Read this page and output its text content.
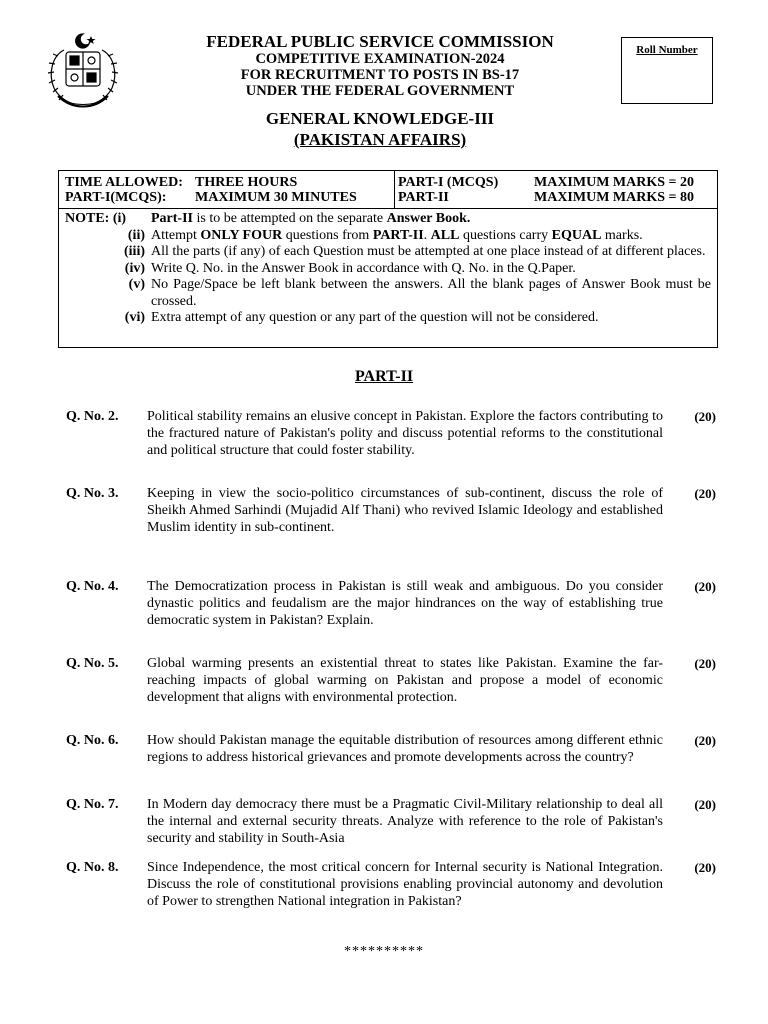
FEDERAL PUBLIC SERVICE COMMISSION
COMPETITIVE EXAMINATION-2024
FOR RECRUITMENT TO POSTS IN BS-17
UNDER THE FEDERAL GOVERNMENT
Roll Number
GENERAL KNOWLEDGE-III
(PAKISTAN AFFAIRS)
TIME ALLOWED: THREE HOURS
PART-I(MCQS): MAXIMUM 30 MINUTES
PART-I (MCQS)	MAXIMUM MARKS = 20
PART-II	MAXIMUM MARKS = 80
NOTE: (i)	Part-II is to be attempted on the separate Answer Book.
(ii) Attempt ONLY FOUR questions from PART-II. ALL questions carry EQUAL marks.
(iii) All the parts (if any) of each Question must be attempted at one place instead of at different places.
(iv) Write Q. No. in the Answer Book in accordance with Q. No. in the Q.Paper.
(v) No Page/Space be left blank between the answers. All the blank pages of Answer Book must be crossed.
(vi) Extra attempt of any question or any part of the question will not be considered.
PART-II
Q. No. 2. Political stability remains an elusive concept in Pakistan. Explore the factors contributing to the fractured nature of Pakistan's polity and discuss potential reforms to the constitutional and political structure that could foster stability.
(20)
Q. No. 3. Keeping in view the socio-politico circumstances of sub-continent, discuss the role of Sheikh Ahmed Sarhindi (Mujadid Alf Thani) who revived Islamic Ideology and established Muslim identity in sub-continent.
(20)
Q. No. 4. The Democratization process in Pakistan is still weak and ambiguous. Do you consider dynastic politics and feudalism are the major hindrances on the way of establishing true democratic system in Pakistan? Explain.
(20)
Q. No. 5. Global warming presents an existential threat to states like Pakistan. Examine the far-reaching impacts of global warming on Pakistan and propose a model of economic development that aligns with environmental protection.
(20)
Q. No. 6. How should Pakistan manage the equitable distribution of resources among different ethnic regions to address historical grievances and promote developments across the country?
(20)
Q. No. 7. In Modern day democracy there must be a Pragmatic Civil-Military relationship to deal all the internal and external security threats. Analyze with reference to the role of Pakistan's security and stability in South-Asia
(20)
Q. No. 8. Since Independence, the most critical concern for Internal security is National Integration. Discuss the role of constitutional provisions enabling provincial autonomy and devolution of Power to strengthen National integration in Pakistan?
(20)
**********
